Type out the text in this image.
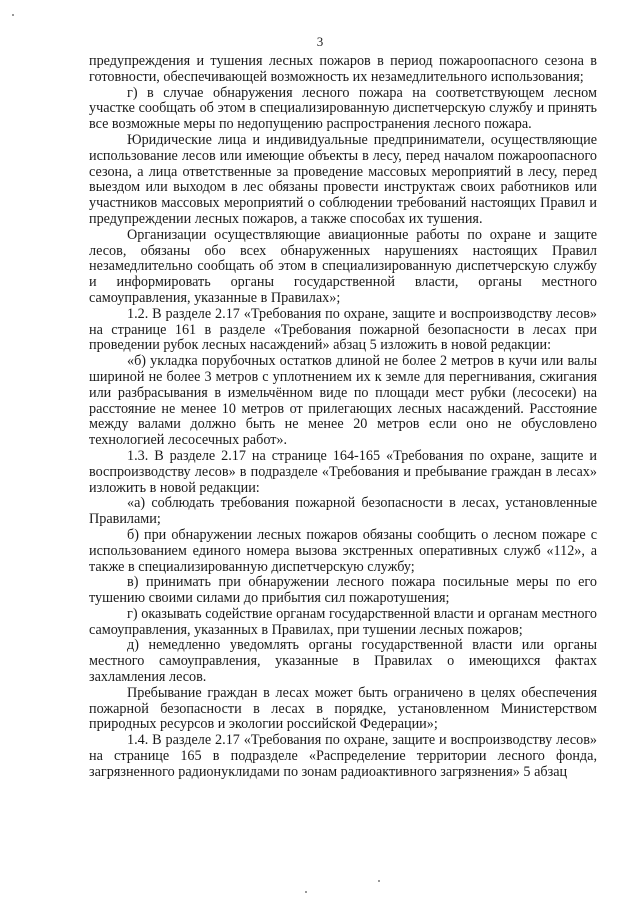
3

предупреждения и тушения лесных пожаров в период пожароопасного сезона в готовности, обеспечивающей возможность их незамедлительного использования;

г) в случае обнаружения лесного пожара на соответствующем лесном участке сообщать об этом в специализированную диспетчерскую службу и принять все возможные меры по недопущению распространения лесного пожара.

Юридические лица и индивидуальные предприниматели, осуществляющие использование лесов или имеющие объекты в лесу, перед началом пожароопасного сезона, а лица ответственные за проведение массовых мероприятий в лесу, перед выездом или выходом в лес обязаны провести инструктаж своих работников или участников массовых мероприятий о соблюдении требований настоящих Правил и предупреждении лесных пожаров, а также способах их тушения.

Организации осуществляющие авиационные работы по охране и защите лесов, обязаны обо всех обнаруженных нарушениях настоящих Правил незамедлительно сообщать об этом в специализированную диспетчерскую службу и информировать органы государственной власти, органы местного самоуправления, указанные в Правилах»;

1.2. В разделе 2.17 «Требования по охране, защите и воспроизводству лесов» на странице 161 в разделе «Требования пожарной безопасности в лесах при проведении рубок лесных насаждений» абзац 5 изложить в новой редакции:

«б) укладка порубочных остатков длиной не более 2 метров в кучи или валы шириной не более 3 метров с уплотнением их к земле для перегнивания, сжигания или разбрасывания в измельчённом виде по площади мест рубки (лесосеки) на расстояние не менее 10 метров от прилегающих лесных насаждений. Расстояние между валами должно быть не менее 20 метров если оно не обусловлено технологией лесосечных работ».

1.3. В разделе 2.17 на странице 164-165 «Требования по охране, защите и воспроизводству лесов» в подразделе «Требования и пребывание граждан в лесах» изложить в новой редакции:

«а) соблюдать требования пожарной безопасности в лесах, установленные Правилами;

б) при обнаружении лесных пожаров обязаны сообщить о лесном пожаре с использованием единого номера вызова экстренных оперативных служб «112», а также в специализированную диспетчерскую службу;

в) принимать при обнаружении лесного пожара посильные меры по его тушению своими силами до прибытия сил пожаротушения;

г) оказывать содействие органам государственной власти и органам местного самоуправления, указанных в Правилах, при тушении лесных пожаров;

д) немедленно уведомлять органы государственной власти или органы местного самоуправления, указанные в Правилах о имеющихся фактах захламления лесов.

Пребывание граждан в лесах может быть ограничено в целях обеспечения пожарной безопасности в лесах в порядке, установленном Министерством природных ресурсов и экологии российской Федерации»;

1.4. В разделе 2.17 «Требования по охране, защите и воспроизводству лесов» на странице 165 в подразделе «Распределение территории лесного фонда, загрязненного радионуклидами по зонам радиоактивного загрязнения» 5 абзац
